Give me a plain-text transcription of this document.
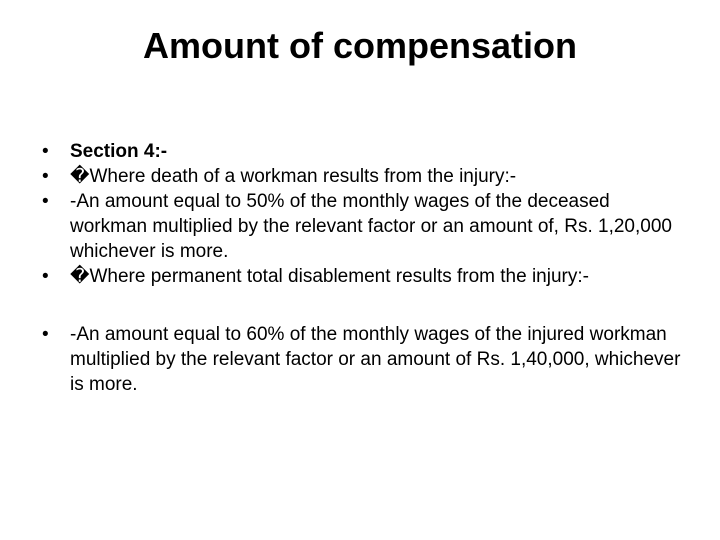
Amount of compensation
•	Section 4:-
•	�Where death of a workman results from the injury:-
•	-An amount equal to 50% of the monthly wages of the deceased workman multiplied by the relevant factor or an amount of, Rs. 1,20,000 whichever is more.
•	�Where permanent total disablement results from the injury:-
•	-An amount equal to 60% of the monthly wages of the injured workman multiplied by the relevant factor or an amount of Rs. 1,40,000, whichever is more.
